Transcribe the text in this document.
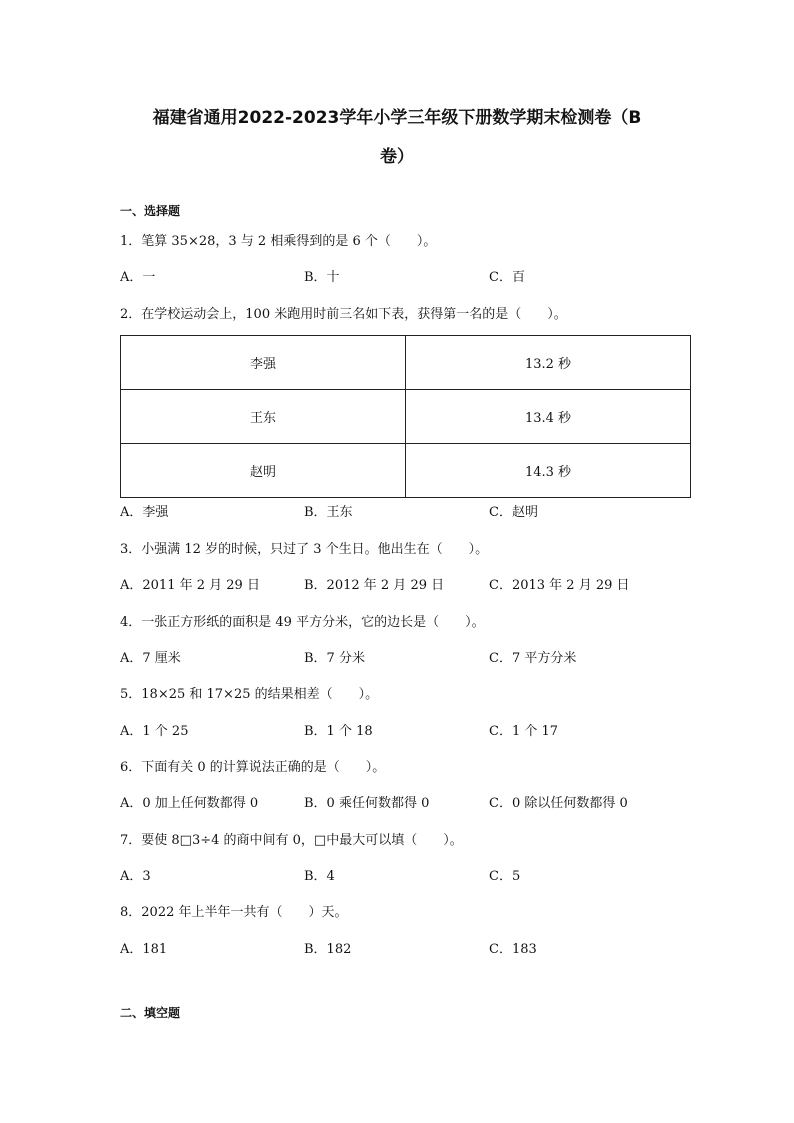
福建省通用2022-2023学年小学三年级下册数学期末检测卷（B
卷）
一、选择题
1．笔算 35×28，3 与 2 相乘得到的是 6 个（　　）。
A．一	B．十	C．百
2．在学校运动会上，100 米跑用时前三名如下表，获得第一名的是（　　）。
李强	13.2 秒
王东	13.4 秒
赵明	14.3 秒
A．李强	B．王东	C．赵明
3．小强满 12 岁的时候，只过了 3 个生日。他出生在（　　）。
A．2011 年 2 月 29 日	B．2012 年 2 月 29 日	C．2013 年 2 月 29 日
4．一张正方形纸的面积是 49 平方分米，它的边长是（　　）。
A．7 厘米	B．7 分米	C．7 平方分米
5．18×25 和 17×25 的结果相差（　　）。
A．1 个 25	B．1 个 18	C．1 个 17
6．下面有关 0 的计算说法正确的是（　　）。
A．0 加上任何数都得 0	B．0 乘任何数都得 0	C．0 除以任何数都得 0
7．要使 8□3÷4 的商中间有 0，□中最大可以填（　　）。
A．3	B．4	C．5
8．2022 年上半年一共有（　　）天。
A．181	B．182	C．183
二、填空题
